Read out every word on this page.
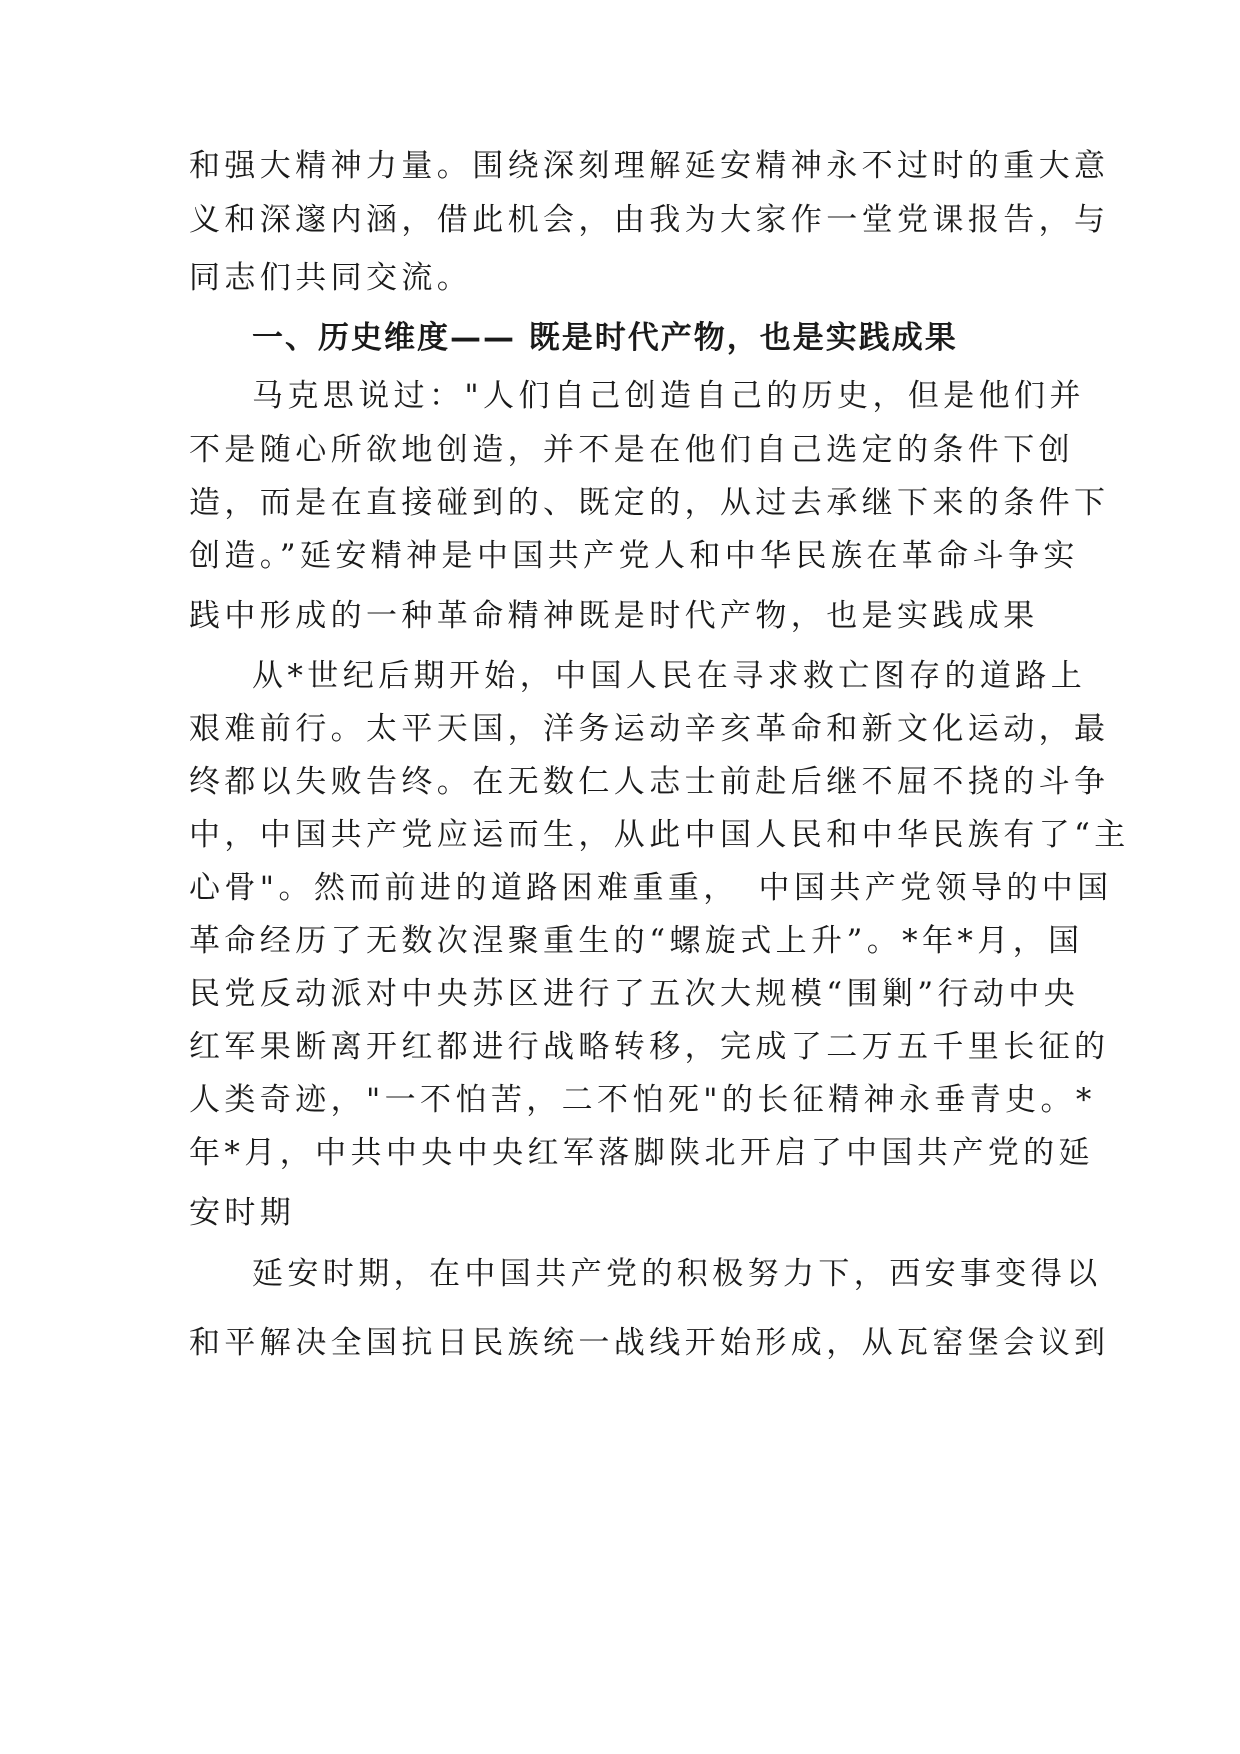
和强大精神力量。围绕深刻理解延安精神永不过时的重大意
义和深邃内涵，借此机会，由我为大家作一堂党课报告，与
同志们共同交流。
一、历史维度—— 既是时代产物，也是实践成果
马克思说过："人们自己创造自己的历史，但是他们并
不是随心所欲地创造，并不是在他们自己选定的条件下创
造，而是在直接碰到的、既定的，从过去承继下来的条件下
创造。”延安精神是中国共产党人和中华民族在革命斗争实
践中形成的一种革命精神既是时代产物，也是实践成果
从*世纪后期开始，中国人民在寻求救亡图存的道路上
艰难前行。太平天国，洋务运动辛亥革命和新文化运动，最
终都以失败告终。在无数仁人志士前赴后继不屈不挠的斗争
中，中国共产党应运而生，从此中国人民和中华民族有了“主
心骨"。然而前进的道路困难重重，　中国共产党领导的中国
革命经历了无数次涅聚重生的“螺旋式上升”。*年*月，国
民党反动派对中央苏区进行了五次大规模“围剿”行动中央
红军果断离开红都进行战略转移，完成了二万五千里长征的
人类奇迹，"一不怕苦，二不怕死"的长征精神永垂青史。*
年*月，中共中央中央红军落脚陕北开启了中国共产党的延
安时期
延安时期，在中国共产党的积极努力下，西安事变得以
和平解决全国抗日民族统一战线开始形成，从瓦窑堡会议到
